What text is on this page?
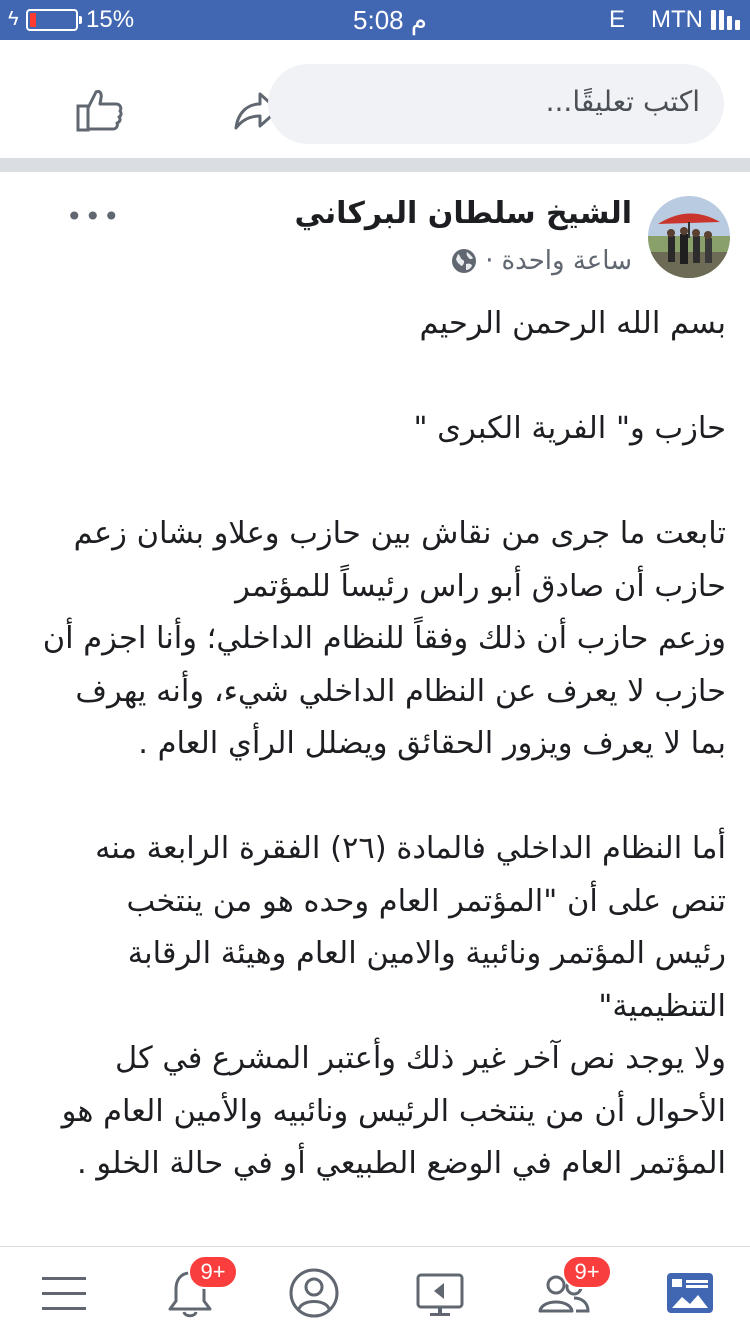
ϟ	15%	5:08 م	E MTN
اكتب تعليقًا...
الشيخ سلطان البركاني
ساعة واحدة
·
•••

بسم الله الرحمن الرحيم

حازب و" الفرية الكبرى "

تابعت ما جرى من نقاش بين حازب وعلاو بشان زعم

حازب أن صادق أبو راس رئيساً للمؤتمر

وزعم حازب أن ذلك وفقاً للنظام الداخلي؛ وأنا اجزم أن

حازب لا يعرف عن النظام الداخلي شيء، وأنه يهرف

بما لا يعرف ويزور الحقائق ويضلل الرأي العام .

أما النظام الداخلي فالمادة (٢٦) الفقرة الرابعة منه

تنص على أن "المؤتمر العام وحده هو من ينتخب

رئيس المؤتمر ونائبية والامين العام وهيئة الرقابة

التنظيمية"

ولا يوجد نص آخر غير ذلك وأعتبر المشرع في كل

الأحوال أن من ينتخب الرئيس ونائبيه والأمين العام هو

المؤتمر العام في الوضع الطبيعي أو في حالة الخلو .

9+	9+
